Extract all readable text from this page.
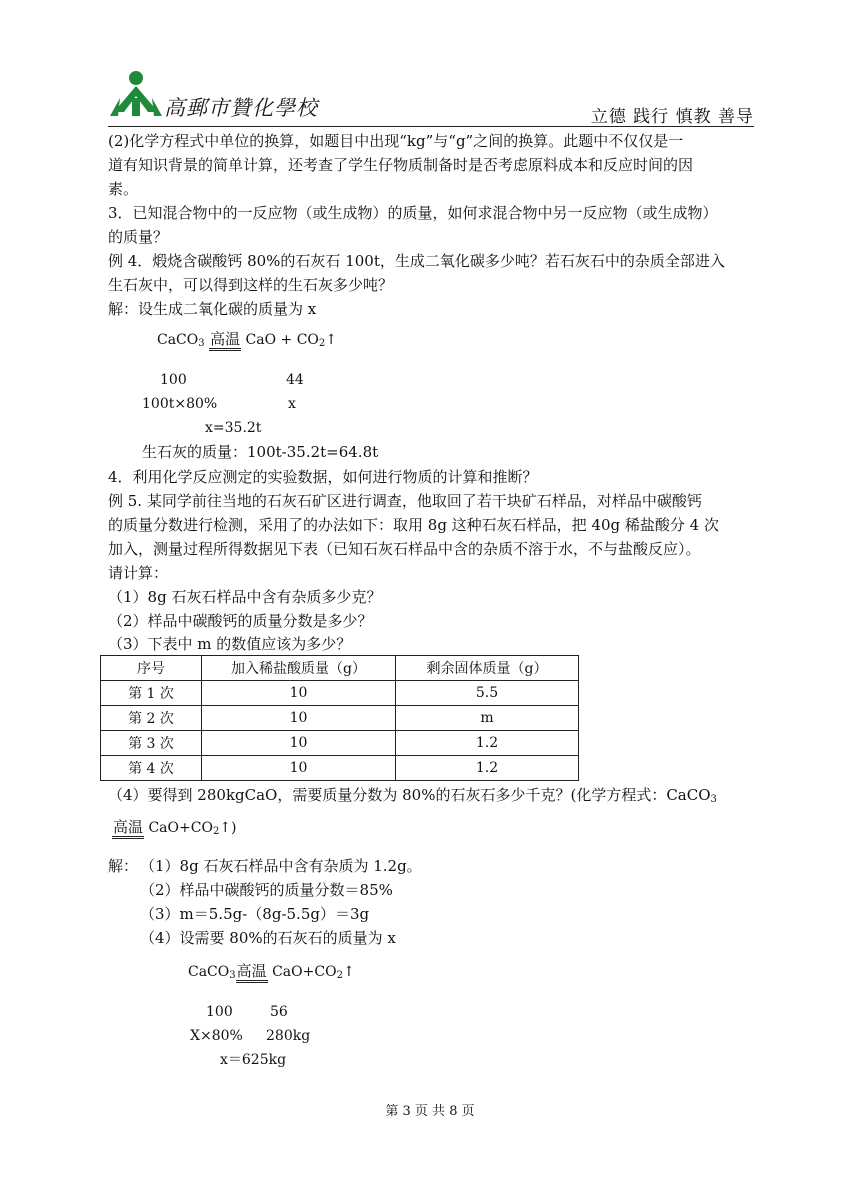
高郵市贊化學校	立德 践行 慎教 善导
(2)化学方程式中单位的换算，如题目中出现“kg”与“g”之间的换算。此题中不仅仅是一
道有知识背景的简单计算，还考查了学生仔物质制备时是否考虑原料成本和反应时间的因
素。
3．已知混合物中的一反应物（或生成物）的质量，如何求混合物中另一反应物（或生成物）
的质量？
例 4．煅烧含碳酸钙 80%的石灰石 100t，生成二氧化碳多少吨？若石灰石中的杂质全部进入
生石灰中，可以得到这样的生石灰多少吨？
解：设生成二氧化碳的质量为 x
CaCO$_3$ 高温 CaO + $CO_2↑$
100	44
100t×80%	x
x=35.2t
生石灰的质量：100t-35.2t=64.8t
4．利用化学反应测定的实验数据，如何进行物质的计算和推断？
例 5. 某同学前往当地的石灰石矿区进行调查，他取回了若干块矿石样品，对样品中碳酸钙
的质量分数进行检测，采用了的办法如下：取用 8g 这种石灰石样品，把 40g 稀盐酸分 4 次
加入，测量过程所得数据见下表（已知石灰石样品中含的杂质不溶于水，不与盐酸反应）。
请计算：
（1）8g 石灰石样品中含有杂质多少克？
（2）样品中碳酸钙的质量分数是多少？
（3）下表中 m 的数值应该为多少？
序号	加入稀盐酸质量（g）	剩余固体质量（g）
第 1 次	10	5.5
第 2 次	10	m
第 3 次	10	1.2
第 4 次	10	1.2
（4）要得到 280kgCaO，需要质量分数为 80%的石灰石多少千克？(化学方程式：CaCO$_3$
高温 $CaO+CO_2↑$)
解： （1）8g 石灰石样品中含有杂质为 1.2g。
（2）样品中碳酸钙的质量分数＝85%
（3）m＝5.5g-（8g-5.5g）＝3g
（4）设需要 80%的石灰石的质量为 x
CaCO$_3$高温 $CaO+CO_2↑$
100	56
X×80% 280kg
x＝625kg
第 3 页 共 8 页
